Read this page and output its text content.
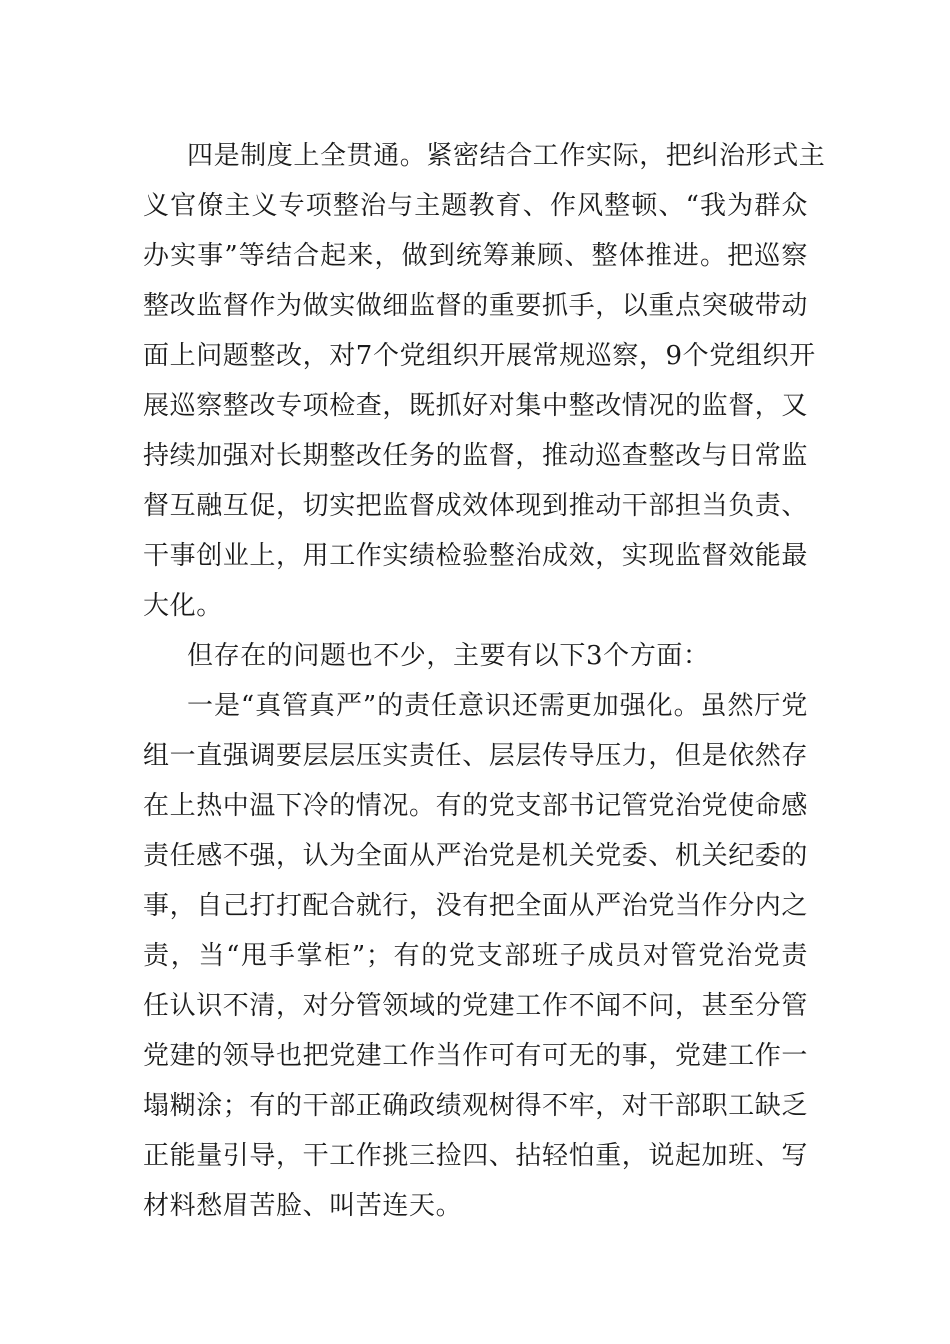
四是制度上全贯通。紧密结合工作实际，把纠治形式主
义官僚主义专项整治与主题教育、作风整顿、“我为群众
办实事”等结合起来，做到统筹兼顾、整体推进。把巡察
整改监督作为做实做细监督的重要抓手，以重点突破带动
面上问题整改，对7个党组织开展常规巡察，9个党组织开
展巡察整改专项检查，既抓好对集中整改情况的监督，又
持续加强对长期整改任务的监督，推动巡查整改与日常监
督互融互促，切实把监督成效体现到推动干部担当负责、
干事创业上，用工作实绩检验整治成效，实现监督效能最
大化。
但存在的问题也不少，主要有以下3个方面：
一是“真管真严”的责任意识还需更加强化。虽然厅党
组一直强调要层层压实责任、层层传导压力，但是依然存
在上热中温下冷的情况。有的党支部书记管党治党使命感
责任感不强，认为全面从严治党是机关党委、机关纪委的
事，自己打打配合就行，没有把全面从严治党当作分内之
责，当“甩手掌柜”；有的党支部班子成员对管党治党责
任认识不清，对分管领域的党建工作不闻不问，甚至分管
党建的领导也把党建工作当作可有可无的事，党建工作一
塌糊涂；有的干部正确政绩观树得不牢，对干部职工缺乏
正能量引导，干工作挑三捡四、拈轻怕重，说起加班、写
材料愁眉苦脸、叫苦连天。
